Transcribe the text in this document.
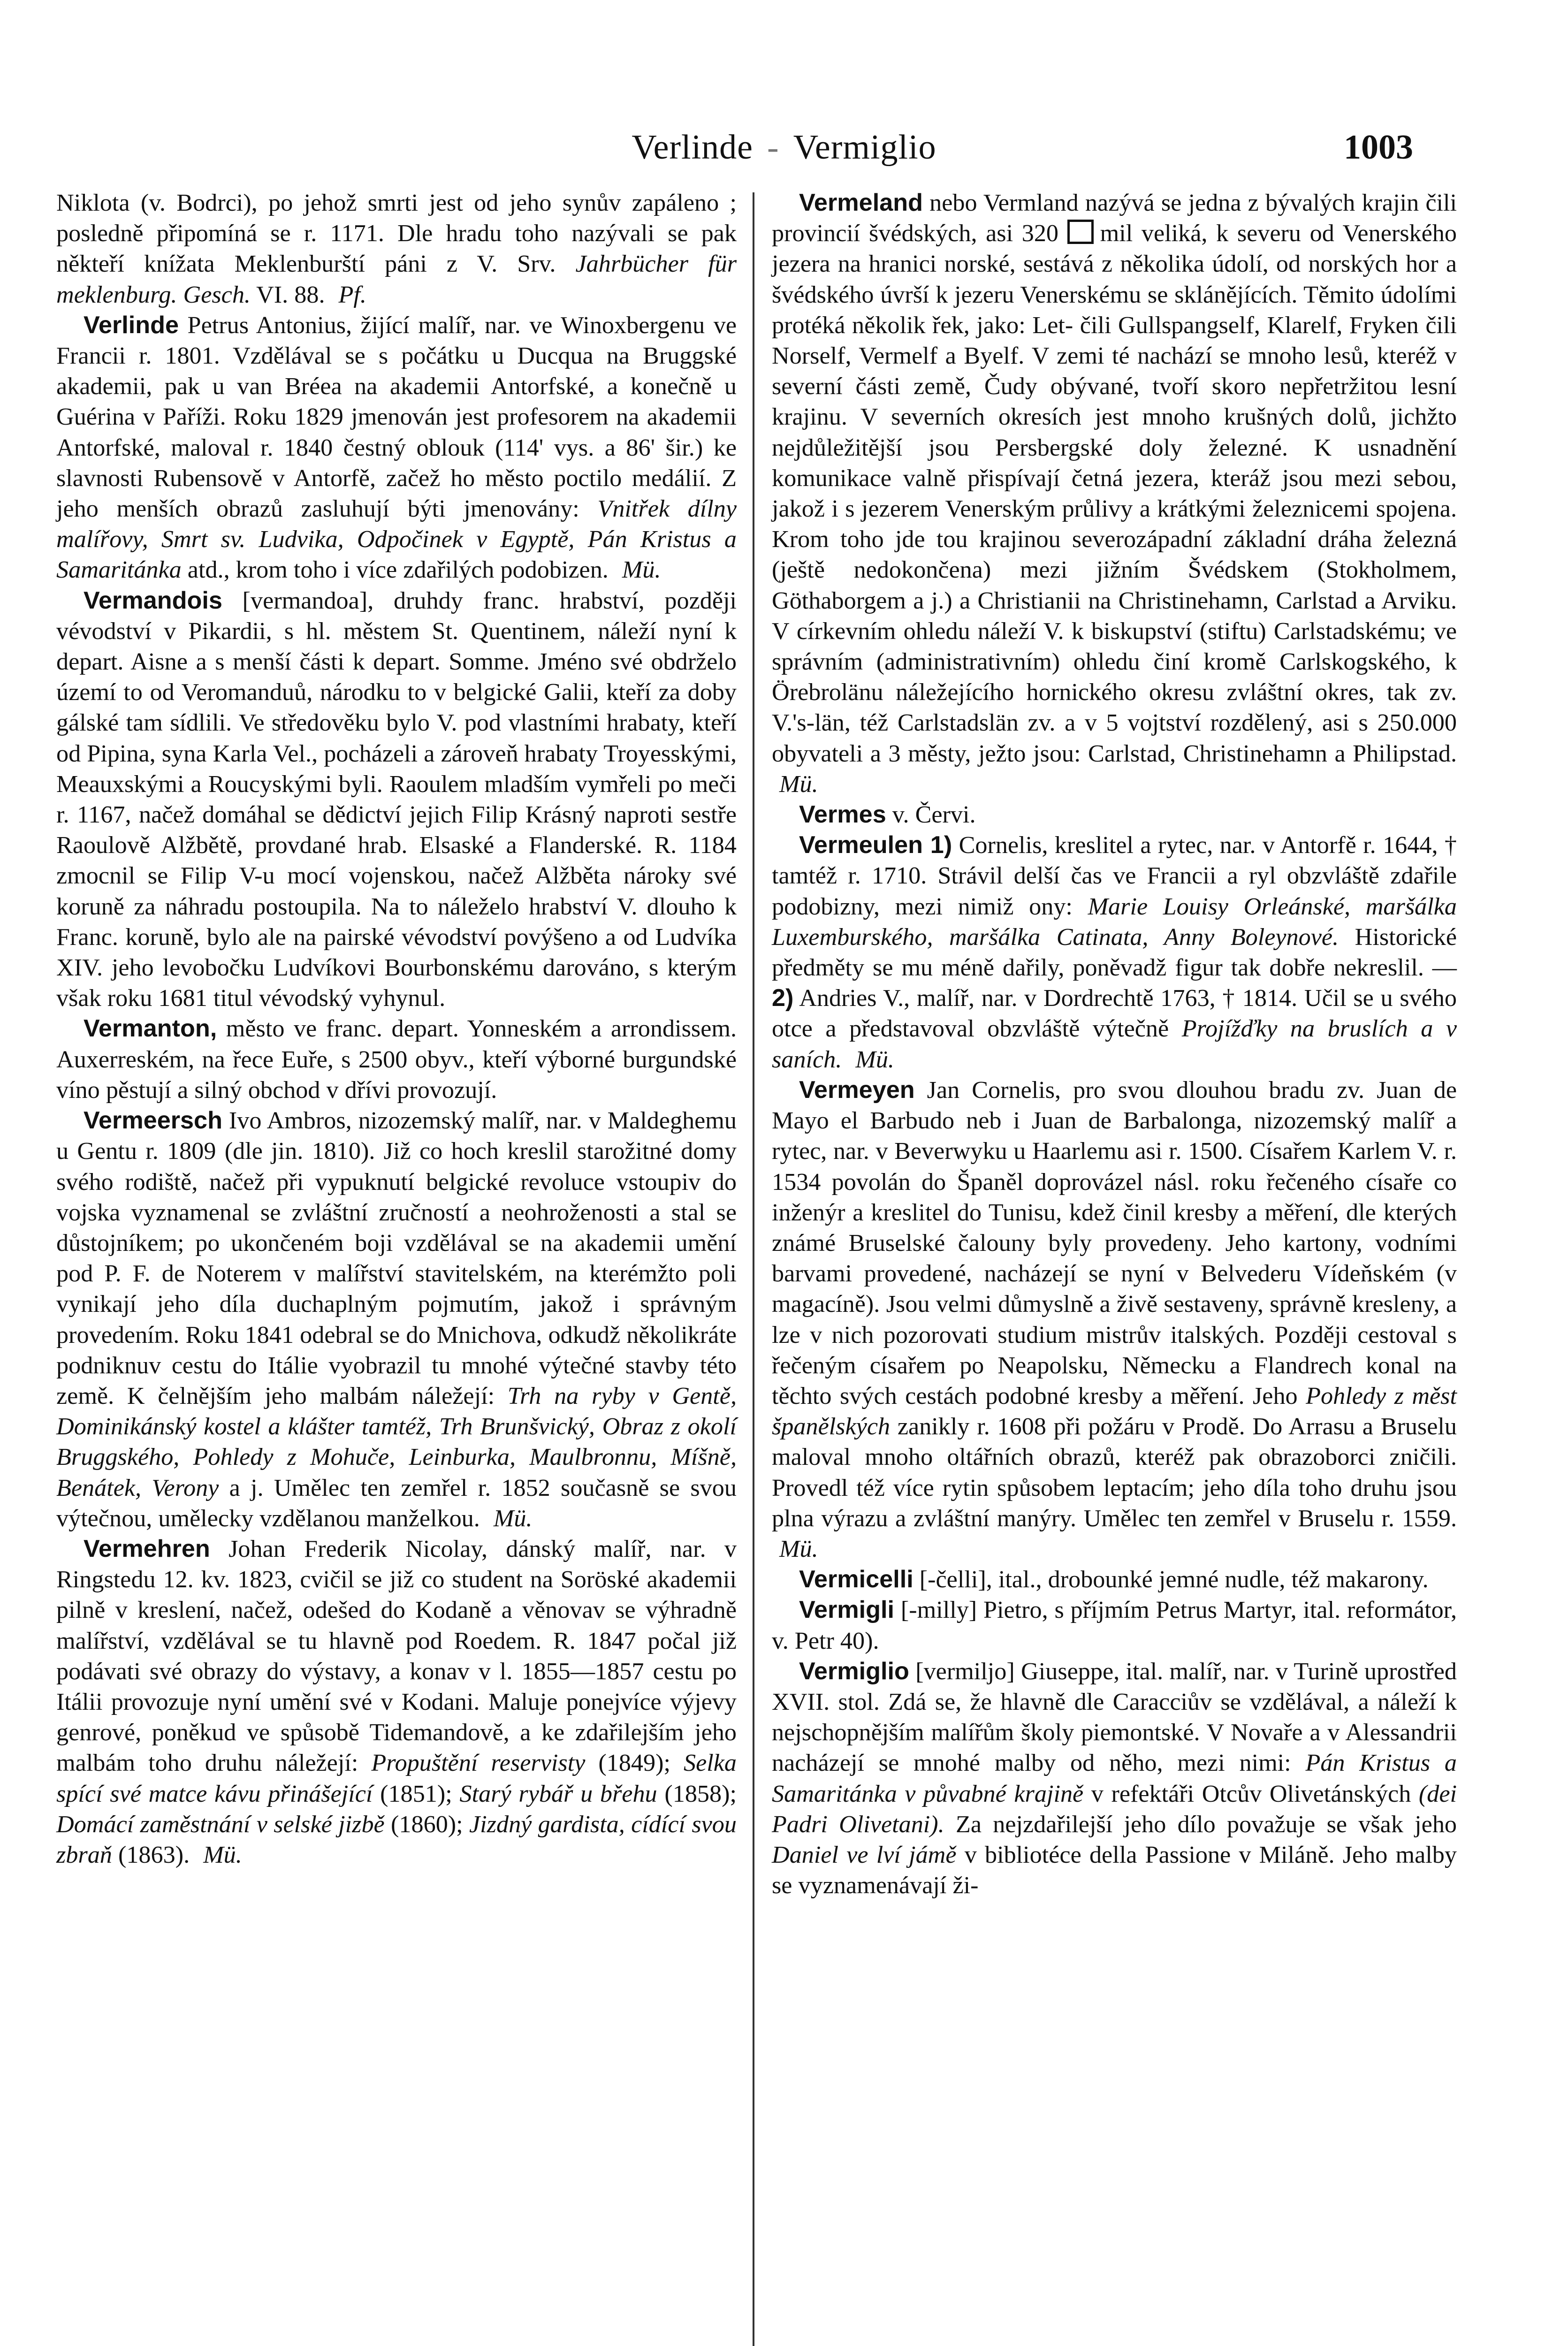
Verlinde - Vermiglio	1003

Niklota (v. Bodrci), po jehož smrti jest od jeho synův zapáleno ; posledně připomíná se r. 1171. Dle hradu toho nazývali se pak někteří knížata Meklenburští páni z V. Srv. Jahrbücher für meklenburg. Gesch. VI. 88. Pf.

Verlinde Petrus Antonius, žijící malíř, nar. ve Winoxbergenu ve Francii r. 1801. Vzdělával se s počátku u Ducqua na Bruggské akademii, pak u van Bréea na akademii Antorfské, a konečně u Guérina v Paříži. Roku 1829 jmenován jest profesorem na akademii Antorfské, maloval r. 1840 čestný oblouk (114' vys. a 86' šir.) ke slavnosti Rubensově v Antorfě, začež ho město poctilo medálií. Z jeho menších obrazů zasluhují býti jmenovány: Vnitřek dílny malířovy, Smrt sv. Ludvika, Odpočinek v Egyptě, Pán Kristus a Samaritánka atd., krom toho i více zdařilých podobizen. Mü.

Vermandois [vermandoa], druhdy franc. hrabství, později vévodství v Pikardii, s hl. městem St. Quentinem, náleží nyní k depart. Aisne a s menší části k depart. Somme. Jméno své obdrželo území to od Veromanduů, národku to v belgické Galii, kteří za doby gálské tam sídlili. Ve středověku bylo V. pod vlastními hrabaty, kteří od Pipina, syna Karla Vel., pocházeli a zároveň hrabaty Troyesskými, Meauxskými a Roucyskými byli. Raoulem mladším vymřeli po meči r. 1167, načež domáhal se dědictví jejich Filip Krásný naproti sestře Raoulově Alžbětě, provdané hrab. Elsaské a Flanderské. R. 1184 zmocnil se Filip V-u mocí vojenskou, načež Alžběta nároky své koruně za náhradu postoupila. Na to náleželo hrabství V. dlouho k Franc. koruně, bylo ale na pairské vévodství povýšeno a od Ludvíka XIV. jeho levobočku Ludvíkovi Bourbonskému darováno, s kterým však roku 1681 titul vévodský vyhynul.

Vermanton, město ve franc. depart. Yonneském a arrondissem. Auxerreském, na řece Euře, s 2500 obyv., kteří výborné burgundské víno pěstují a silný obchod v dřívi provozují.

Vermeersch Ivo Ambros, nizozemský malíř, nar. v Maldeghemu u Gentu r. 1809 (dle jin. 1810). Již co hoch kreslil starožitné domy svého rodiště, načež při vypuknutí belgické revoluce vstoupiv do vojska vyznamenal se zvláštní zručností a neohroženosti a stal se důstojníkem; po ukončeném boji vzdělával se na akademii umění pod P. F. de Noterem v malířství stavitelském, na kterémžto poli vynikají jeho díla duchaplným pojmutím, jakož i správným provedením. Roku 1841 odebral se do Mnichova, odkudž několikráte podniknuv cestu do Itálie vyobrazil tu mnohé výtečné stavby této země. K čelnějším jeho malbám náležejí: Trh na ryby v Gentě, Dominikánský kostel a klášter tamtéž, Trh Brunšvický, Obraz z okolí Bruggského, Pohledy z Mohuče, Leinburka, Maulbronnu, Míšně, Benátek, Verony a j. Umělec ten zemřel r. 1852 současně se svou výtečnou, umělecky vzdělanou manželkou. Mü.

Vermehren Johan Frederik Nicolay, dánský malíř, nar. v Ringstedu 12. kv. 1823, cvičil se již co student na Soröské akademii pilně v kreslení, načež, odešed do Kodaně a věnovav se výhradně malířství, vzdělával se tu hlavně pod Roedem. R. 1847 počal již podávati své obrazy do výstavy, a konav v l. 1855—1857 cestu po Itálii provozuje nyní umění své v Kodani. Maluje ponejvíce výjevy genrové, poněkud ve spůsobě Tidemandově, a ke zdařilejším jeho malbám toho druhu náležejí: Propuštění reservisty (1849); Selka spící své matce kávu přinášející (1851); Starý rybář u břehu (1858); Domácí zaměstnání v selské jizbě (1860); Jizdný gardista, cídící svou zbraň (1863). Mü.

Vermeland nebo Vermland nazývá se jedna z bývalých krajin čili provincií švédských, asi 320 mil veliká, k severu od Venerského jezera na hranici norské, sestává z několika údolí, od norských hor a švédského úvrší k jezeru Venerskému se sklánějících. Těmito údolími protéká několik řek, jako: Let- čili Gullspangself, Klarelf, Fryken čili Norself, Vermelf a Byelf. V zemi té nachází se mnoho lesů, kteréž v severní části země, Čudy obývané, tvoří skoro nepřetržitou lesní krajinu. V severních okresích jest mnoho krušných dolů, jichžto nejdůležitější jsou Persbergské doly železné. K usnadnění komunikace valně přispívají četná jezera, kteráž jsou mezi sebou, jakož i s jezerem Venerským průlivy a krátkými železnicemi spojena. Krom toho jde tou krajinou severozápadní základní dráha železná (ještě nedokončena) mezi jižním Švédskem (Stokholmem, Göthaborgem a j.) a Christianii na Christinehamn, Carlstad a Arviku. V církevním ohledu náleží V. k biskupství (stiftu) Carlstadskému; ve správním (administrativním) ohledu činí kromě Carlskogského, k Örebrolänu náležejícího hornického okresu zvláštní okres, tak zv. V.'s-län, též Carlstadslän zv. a v 5 vojtství rozdělený, asi s 250.000 obyvateli a 3 městy, ježto jsou: Carlstad, Christinehamn a Philipstad. Mü.

Vermes v. Červi.

Vermeulen 1) Cornelis, kreslitel a rytec, nar. v Antorfě r. 1644, † tamtéž r. 1710. Strávil delší čas ve Francii a ryl obzvláště zdařile podobizny, mezi nimiž ony: Marie Louisy Orleánské, maršálka Luxemburského, maršálka Catinata, Anny Boleynové. Historické předměty se mu méně dařily, poněvadž figur tak dobře nekreslil. — 2) Andries V., malíř, nar. v Dordrechtě 1763, † 1814. Učil se u svého otce a představoval obzvláště výtečně Projížďky na bruslích a v saních. Mü.

Vermeyen Jan Cornelis, pro svou dlouhou bradu zv. Juan de Mayo el Barbudo neb i Juan de Barbalonga, nizozemský malíř a rytec, nar. v Beverwyku u Haarlemu asi r. 1500. Císařem Karlem V. r. 1534 povolán do Španěl doprovázel násl. roku řečeného císaře co inženýr a kreslitel do Tunisu, kdež činil kresby a měření, dle kterých známé Bruselské čalouny byly provedeny. Jeho kartony, vodními barvami provedené, nacházejí se nyní v Belvederu Vídeňském (v magacíně). Jsou velmi důmyslně a živě sestaveny, správně kresleny, a lze v nich pozorovati studium mistrův italských. Později cestoval s řečeným císařem po Neapolsku, Německu a Flandrech konal na těchto svých cestách podobné kresby a měření. Jeho Pohledy z měst španělských zanikly r. 1608 při požáru v Prodě. Do Arrasu a Bruselu maloval mnoho oltářních obrazů, kteréž pak obrazoborci zničili. Provedl též více rytin spůsobem leptacím; jeho díla toho druhu jsou plna výrazu a zvláštní manýry. Umělec ten zemřel v Bruselu r. 1559. Mü.

Vermicelli [-čelli], ital., drobounké jemné nudle, též makarony.

Vermigli [-milly] Pietro, s příjmím Petrus Martyr, ital. reformátor, v. Petr 40).

Vermiglio [vermiljo] Giuseppe, ital. malíř, nar. v Turině uprostřed XVII. stol. Zdá se, že hlavně dle Caracciův se vzdělával, a náleží k nejschopnějším malířům školy piemontské. V Novaře a v Alessandrii nacházejí se mnohé malby od něho, mezi nimi: Pán Kristus a Samaritánka v půvabné krajině v refektáři Otcův Olivetánských (dei Padri Olivetani). Za nejzdařilejší jeho dílo považuje se však jeho Daniel ve lví jámě v bibliotéce della Passione v Miláně. Jeho malby se vyznamenávají ži-
